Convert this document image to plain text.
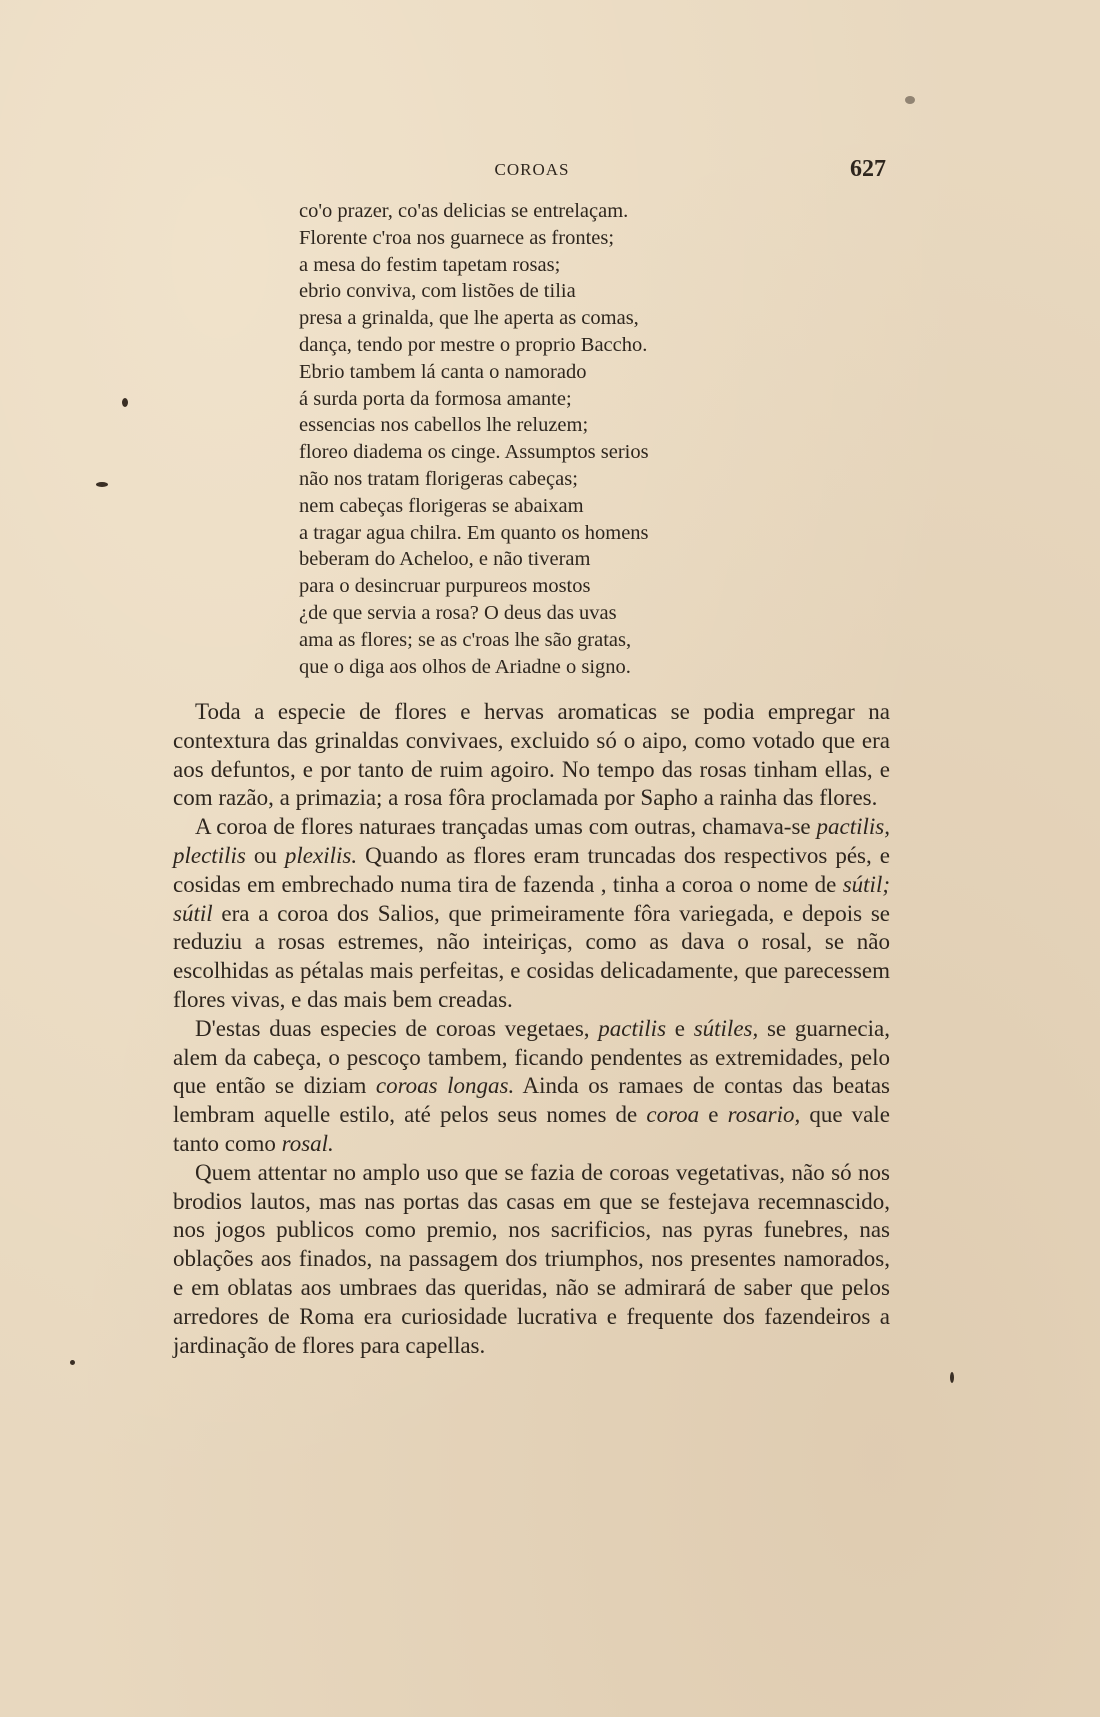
COROAS	627
co'o prazer, co'as delicias se entrelaçam.
Florente c'roa nos guarnece as frontes;
a mesa do festim tapetam rosas;
ebrio conviva, com listões de tilia
presa a grinalda, que lhe aperta as comas,
dança, tendo por mestre o proprio Baccho.
Ebrio tambem lá canta o namorado
á surda porta da formosa amante;
essencias nos cabellos lhe reluzem;
floreo diadema os cinge. Assumptos serios
não nos tratam florigeras cabeças;
nem cabeças florigeras se abaixam
a tragar agua chilra. Em quanto os homens
beberam do Acheloo, e não tiveram
para o desincruar purpureos mostos
¿de que servia a rosa? O deus das uvas
ama as flores; se as c'roas lhe são gratas,
que o diga aos olhos de Ariadne o signo.

Toda a especie de flores e hervas aromaticas se podia empregar na contextura das grinaldas convivaes, excluido só o aipo, como votado que era aos defuntos, e por tanto de ruim agoiro. No tempo das rosas tinham ellas, e com razão, a primazia; a rosa fôra proclamada por Sapho a rainha das flores.

A coroa de flores naturaes trançadas umas com outras, chamava-se pactilis, plectilis ou plexilis. Quando as flores eram truncadas dos respectivos pés, e cosidas em embrechado numa tira de fazenda , tinha a coroa o nome de sútil; sútil era a coroa dos Salios, que primeiramente fôra variegada, e depois se reduziu a rosas estremes, não inteiriças, como as dava o rosal, se não escolhidas as pétalas mais perfeitas, e cosidas delicadamente, que parecessem flores vivas, e das mais bem creadas.

D'estas duas especies de coroas vegetaes, pactilis e sútiles, se guarnecia, alem da cabeça, o pescoço tambem, ficando pendentes as extremidades, pelo que então se diziam coroas longas. Ainda os ramaes de contas das beatas lembram aquelle estilo, até pelos seus nomes de coroa e rosario, que vale tanto como rosal.

Quem attentar no amplo uso que se fazia de coroas vegetativas, não só nos brodios lautos, mas nas portas das casas em que se festejava recemnascido, nos jogos publicos como premio, nos sacrificios, nas pyras funebres, nas oblações aos finados, na passagem dos triumphos, nos presentes namorados, e em oblatas aos umbraes das queridas, não se admirará de saber que pelos arredores de Roma era curiosidade lucrativa e frequente dos fazendeiros a jardinação de flores para capellas.
